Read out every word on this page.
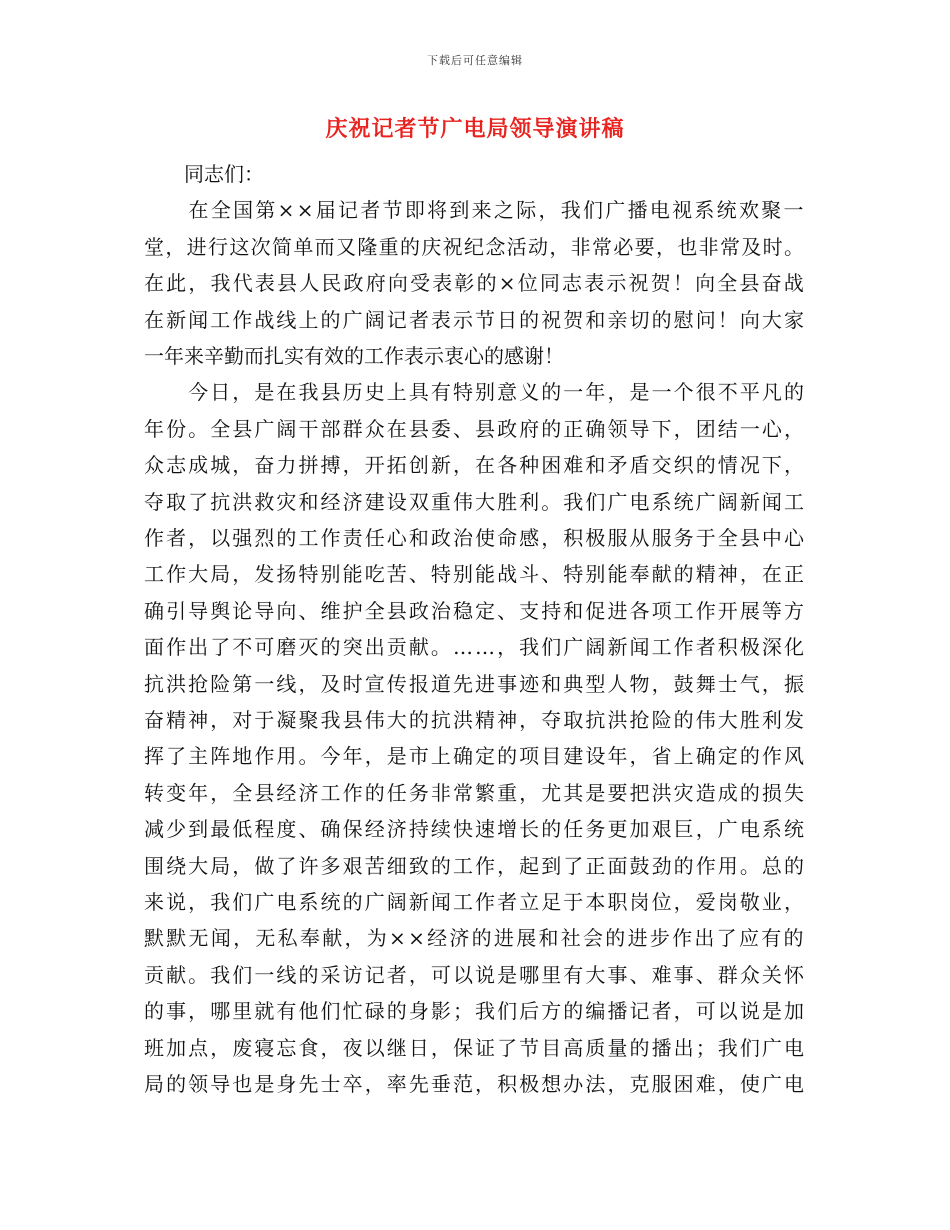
下载后可任意编辑
庆祝记者节广电局领导演讲稿
　　同志们：
　　在全国第××届记者节即将到来之际，我们广播电视系统欢聚一
堂，进行这次简单而又隆重的庆祝纪念活动，非常必要，也非常及时。
在此，我代表县人民政府向受表彰的×位同志表示祝贺！向全县奋战
在新闻工作战线上的广阔记者表示节日的祝贺和亲切的慰问！向大家
一年来辛勤而扎实有效的工作表示衷心的感谢！
　　今日，是在我县历史上具有特别意义的一年，是一个很不平凡的
年份。全县广阔干部群众在县委、县政府的正确领导下，团结一心，
众志成城，奋力拼搏，开拓创新，在各种困难和矛盾交织的情况下，
夺取了抗洪救灾和经济建设双重伟大胜利。我们广电系统广阔新闻工
作者，以强烈的工作责任心和政治使命感，积极服从服务于全县中心
工作大局，发扬特别能吃苦、特别能战斗、特别能奉献的精神，在正
确引导舆论导向、维护全县政治稳定、支持和促进各项工作开展等方
面作出了不可磨灭的突出贡献。……，我们广阔新闻工作者积极深化
抗洪抢险第一线，及时宣传报道先进事迹和典型人物，鼓舞士气，振
奋精神，对于凝聚我县伟大的抗洪精神，夺取抗洪抢险的伟大胜利发
挥了主阵地作用。今年，是市上确定的项目建设年，省上确定的作风
转变年，全县经济工作的任务非常繁重，尤其是要把洪灾造成的损失
减少到最低程度、确保经济持续快速增长的任务更加艰巨，广电系统
围绕大局，做了许多艰苦细致的工作，起到了正面鼓劲的作用。总的
来说，我们广电系统的广阔新闻工作者立足于本职岗位，爱岗敬业，
默默无闻，无私奉献，为××经济的进展和社会的进步作出了应有的
贡献。我们一线的采访记者，可以说是哪里有大事、难事、群众关怀
的事，哪里就有他们忙碌的身影；我们后方的编播记者，可以说是加
班加点，废寝忘食，夜以继日，保证了节目高质量的播出；我们广电
局的领导也是身先士卒，率先垂范，积极想办法，克服困难，使广电
